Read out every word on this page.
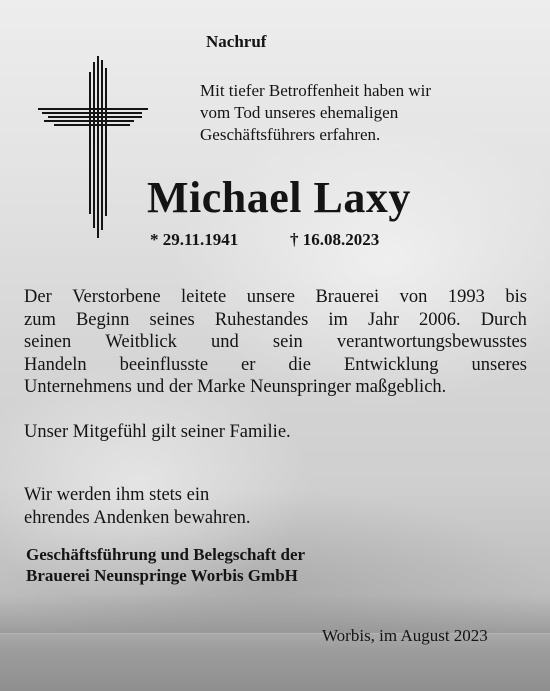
Nachruf

Mit tiefer Betroffenheit haben wir
vom Tod unseres ehemaligen
Geschäftsführers erfahren.

Michael Laxy

* 29.11.1941	† 16.08.2023

Der Verstorbene leitete unsere Brauerei von 1993 bis
zum Beginn seines Ruhestandes im Jahr 2006. Durch
seinen Weitblick und sein verantwortungsbewusstes
Handeln beeinflusste er die Entwicklung unseres
Unternehmens und der Marke Neunspringer maßgeblich.

Unser Mitgefühl gilt seiner Familie.

Wir werden ihm stets ein
ehrendes Andenken bewahren.
Geschäftsführung und Belegschaft der
Brauerei Neunspringe Worbis GmbH

Worbis, im August 2023
